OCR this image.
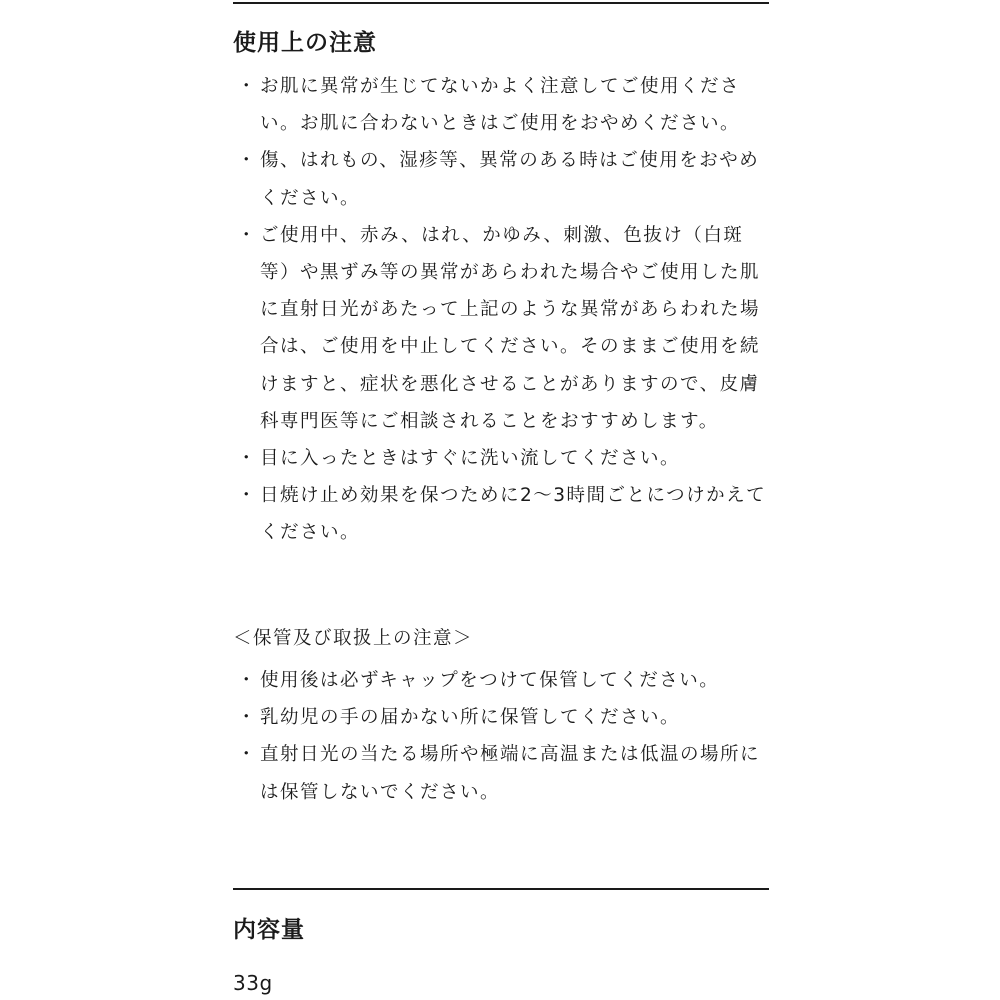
使用上の注意
・ お肌に異常が生じてないかよく注意してご使用ください。お肌に合わないときはご使用をおやめください。
・ 傷、はれもの、湿疹等、異常のある時はご使用をおやめください。
・ ご使用中、赤み、はれ、かゆみ、刺激、色抜け（白斑等）や黒ずみ等の異常があらわれた場合やご使用した肌に直射日光があたって上記のような異常があらわれた場合は、ご使用を中止してください。そのままご使用を続けますと、症状を悪化させることがありますので、皮膚科専門医等にご相談されることをおすすめします。
・ 目に入ったときはすぐに洗い流してください。
・ 日焼け止め効果を保つために2～3時間ごとにつけかえてください。
＜保管及び取扱上の注意＞
・ 使用後は必ずキャップをつけて保管してください。
・ 乳幼児の手の届かない所に保管してください。
・ 直射日光の当たる場所や極端に高温または低温の場所には保管しないでください。
内容量
33g
